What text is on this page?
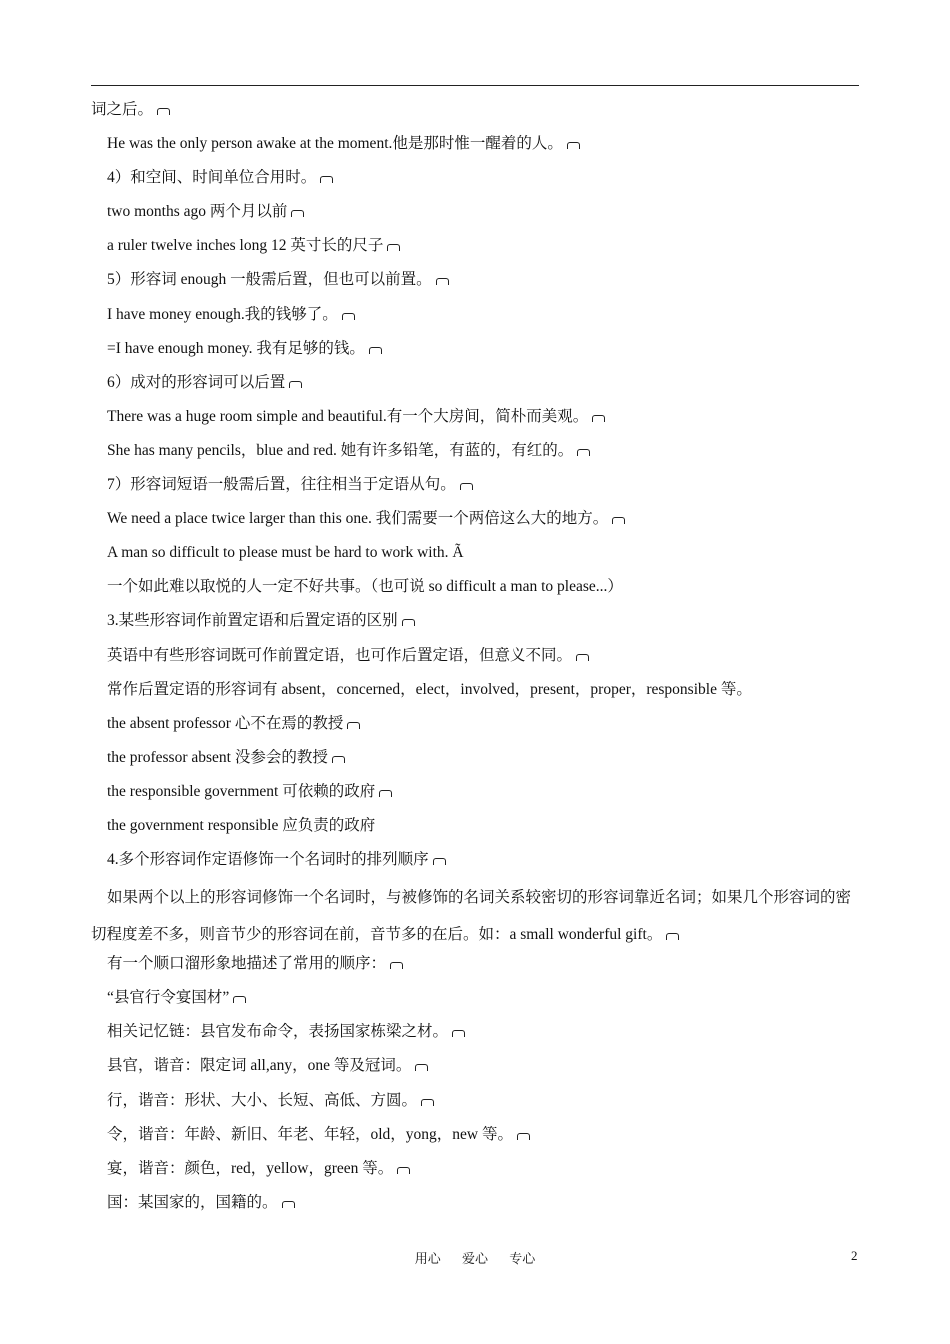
词之后。
He was the only person awake at the moment.他是那时惟一醒着的人。
4）和空间、时间单位合用时。
two months ago 两个月以前
a ruler twelve inches long 12 英寸长的尺子
5）形容词 enough 一般需后置，但也可以前置。
I have money enough.我的钱够了。
=I have enough money. 我有足够的钱。
6）成对的形容词可以后置
There was a huge room simple and beautiful.有一个大房间，简朴而美观。
She has many pencils，blue and red. 她有许多铅笔，有蓝的，有红的。
7）形容词短语一般需后置，往往相当于定语从句。
We need a place twice larger than this one. 我们需要一个两倍这么大的地方。
A man so difficult to please must be hard to work with. Ã
一个如此难以取悦的人一定不好共事。（也可说 so difficult a man to please...）
3.某些形容词作前置定语和后置定语的区别
英语中有些形容词既可作前置定语，也可作后置定语，但意义不同。
常作后置定语的形容词有 absent，concerned，elect，involved，present，proper，responsible 等。
the absent professor 心不在焉的教授
the professor absent 没参会的教授
the responsible government 可依赖的政府
the government responsible 应负责的政府
4.多个形容词作定语修饰一个名词时的排列顺序
如果两个以上的形容词修饰一个名词时，与被修饰的名词关系较密切的形容词靠近名词；如果几个形容词的密切程度差不多，则音节少的形容词在前，音节多的在后。如：a small wonderful gift。
有一个顺口溜形象地描述了常用的顺序：
“县官行令宴国材”
相关记忆链：县官发布命令，表扬国家栋梁之材。
县官，谐音：限定词 all,any，one 等及冠词。
行，谐音：形状、大小、长短、高低、方圆。
令，谐音：年龄、新旧、年老、年轻，old，yong，new 等。
宴，谐音：颜色，red，yellow，green 等。
国：某国家的，国籍的。
用心 爱心 专心	2
